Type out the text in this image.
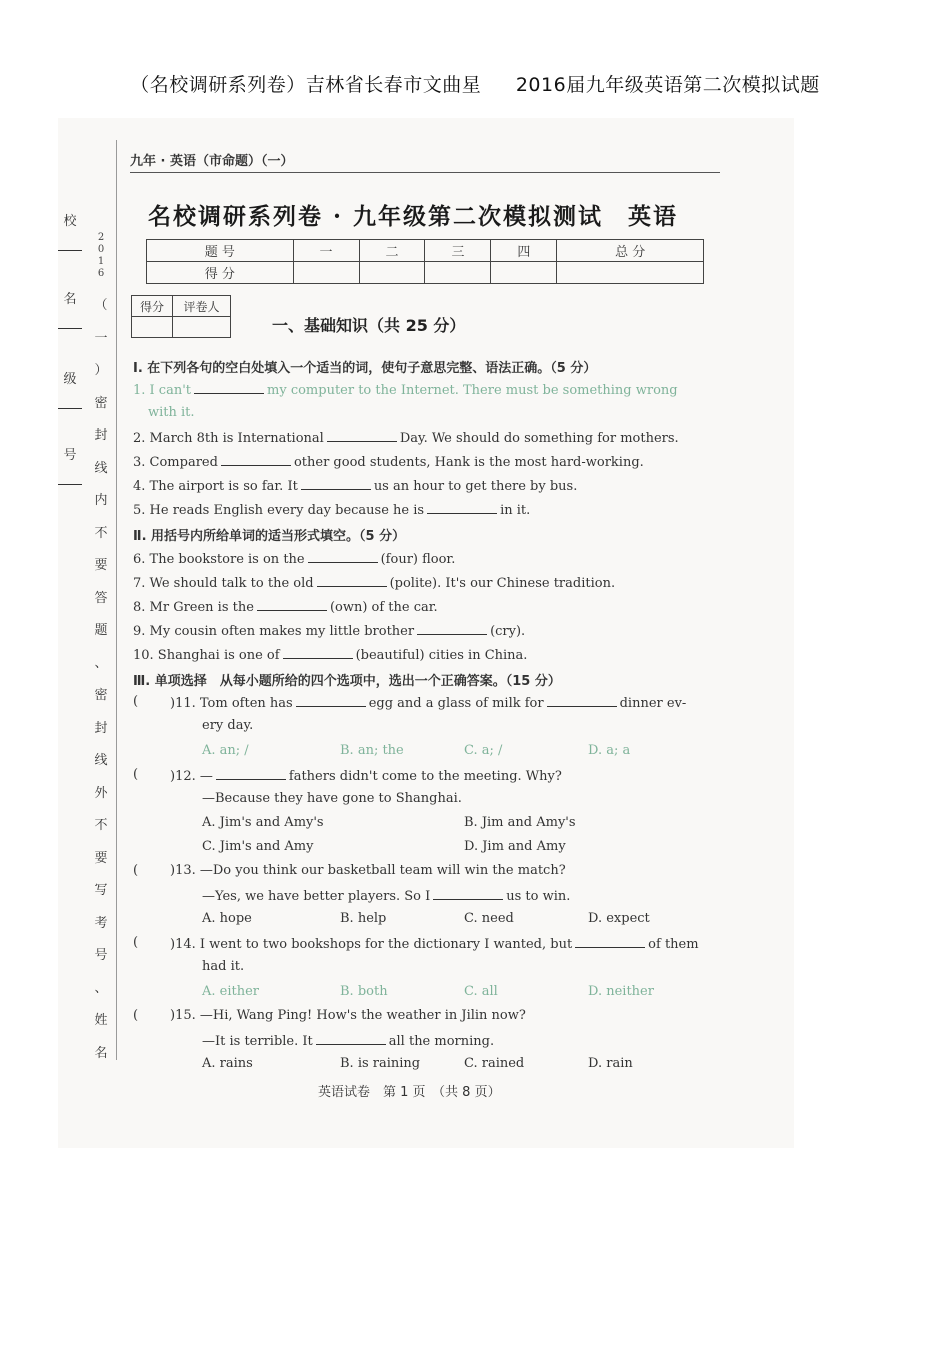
（名校调研系列卷）吉林省长春市文曲星 2016届九年级英语第二次模拟试题
校
名
级
号
2
0
1
6
（
一
）
密
封
线
内
不
要
答
题
、
密
封
线
外
不
要
写
考
号
、
姓
名
九年 · 英语（市命题）（一）
名校调研系列卷 · 九年级第二次模拟测试　英语
题 号	一	二	三	四	总 分
得 分					
得分	评卷人

一、基础知识（共 25 分）
Ⅰ. 在下列各句的空白处填入一个适当的词，使句子意思完整、语法正确。（5 分）
1. I can't	my computer to the Internet. There must be something wrong
with it.
2. March 8th is International	Day. We should do something for mothers.
3. Compared	other good students, Hank is the most hard-working.
4. The airport is so far. It	us an hour to get there by bus.
5. He reads English every day because he is	in it.
Ⅱ. 用括号内所给单词的适当形式填空。（5 分）
6. The bookstore is on the	(four) floor.
7. We should talk to the old	(polite). It's our Chinese tradition.
8. Mr Green is the	(own) of the car.
9. My cousin often makes my little brother	(cry).
10. Shanghai is one of	(beautiful) cities in China.
Ⅲ. 单项选择　从每小题所给的四个选项中，选出一个正确答案。（15 分）
( )11. Tom often has	egg and a glass of milk for	dinner ev-
ery day.
A. an; /	B. an; the	C. a; /	D. a; a
( )12. —	fathers didn't come to the meeting. Why?
—Because they have gone to Shanghai.
A. Jim's and Amy's	B. Jim and Amy's
C. Jim's and Amy	D. Jim and Amy
( )13. —Do you think our basketball team will win the match?
—Yes, we have better players. So I	us to win.
A. hope	B. help	C. need	D. expect
( )14. I went to two bookshops for the dictionary I wanted, but	of them
had it.
A. either	B. both	C. all	D. neither
( )15. —Hi, Wang Ping! How's the weather in Jilin now?
—It is terrible. It	all the morning.
A. rains	B. is raining	C. rained	D. rain
英语试卷　第 1 页　（共 8 页）
